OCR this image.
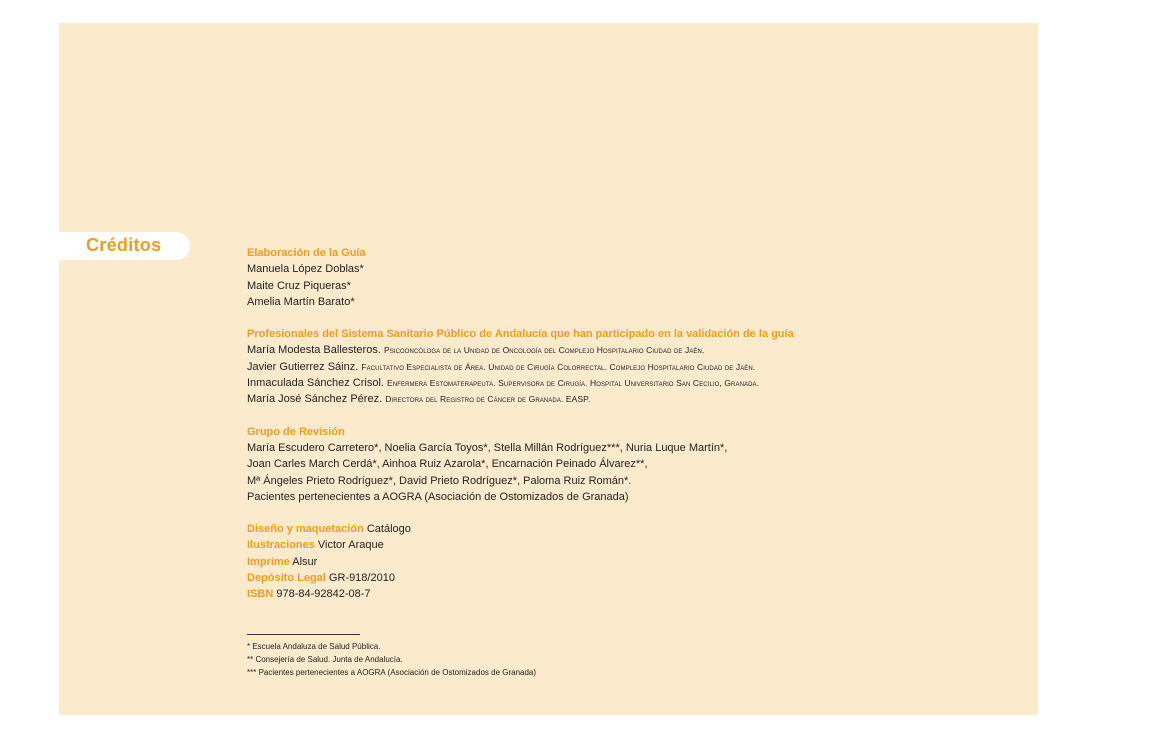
Créditos	Elaboración de la Guía
Manuela López Doblas*
Maite Cruz Piqueras*
Amelia Martín Barato*
Profesionales del Sistema Sanitario Público de Andalucía que han participado en la validación de la guía
María Modesta Ballesteros. Psicooncóloga de la Unidad de Oncología del Complejo Hospitalario Ciudad de Jaén.
Javier Gutierrez Sáinz. Facultativo Especialista de Área. Unidad de Cirugía Colorrectal. Complejo Hospitalario Ciudad de Jaén.
Inmaculada Sánchez Crisol. Enfermera Estomaterapeuta. Supervisora de Cirugía. Hospital Universitario San Cecilio, Granada.
María José Sánchez Pérez. Directora del Registro de Cáncer de Granada. EASP.
Grupo de Revisión
María Escudero Carretero*, Noelia García Toyos*, Stella Millán Rodríguez***, Nuria Luque Martín*,
Joan Carles March Cerdá*, Ainhoa Ruiz Azarola*, Encarnación Peinado Álvarez**,
Mª Ángeles Prieto Rodríguez*, David Prieto Rodríguez*, Paloma Ruiz Román*.
Pacientes pertenecientes a AOGRA (Asociación de Ostomizados de Granada)
Diseño y maquetación Catálogo
Ilustraciones Victor Araque
Imprime Alsur
Depósito Legal GR-918/2010
ISBN 978-84-92842-08-7
* Escuela Andaluza de Salud Pública.
** Consejería de Salud. Junta de Andalucía.
*** Pacientes pertenecientes a AOGRA (Asociación de Ostomizados de Granada)
